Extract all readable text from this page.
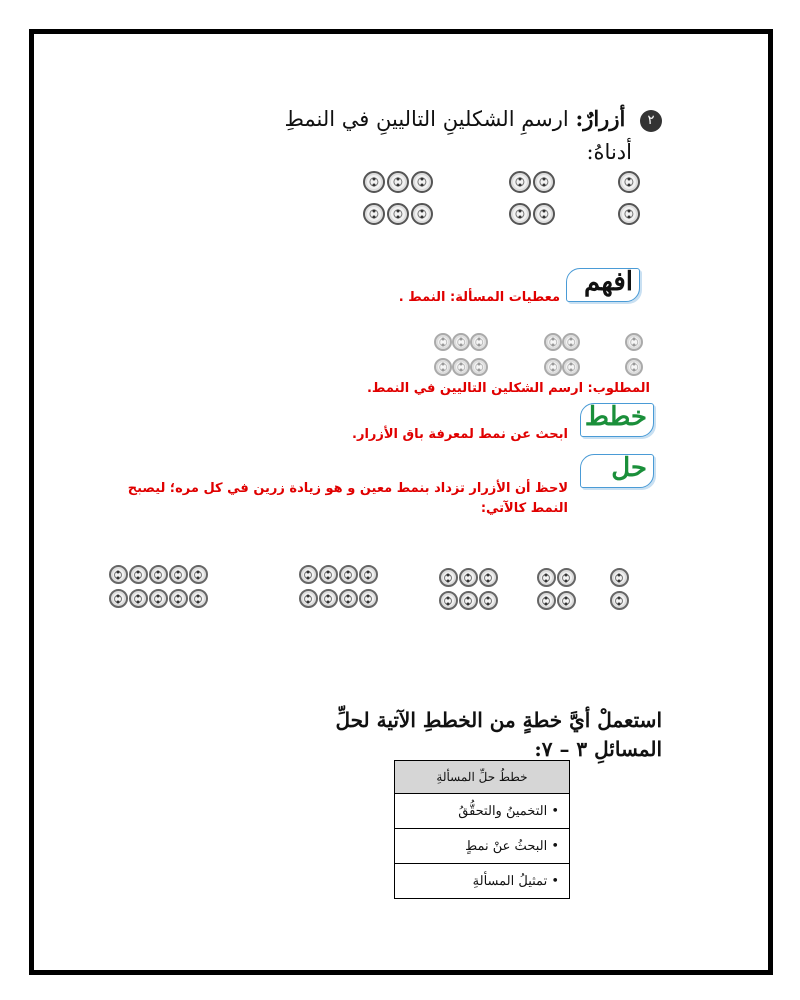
٢ أزرارٌ: ارسمِ الشكلينِ التاليينِ في النمطِ
أدناهُ:
افهم
معطيات المسألة: النمط .
المطلوب: ارسم الشكلين التاليين في النمط.
خطط
ابحث عن نمط لمعرفة باق الأزرار.
حل
لاحظ أن الأزرار تزداد بنمط معين و هو زيادة زرين في كل مره؛ ليصبح
النمط كالآتي:
استعملْ أيَّ خطةٍ من الخططِ الآتية لحلِّ
المسائلِ ٣ – ٧:
خططُ حلِّ المسألةِ
• التخمينُ والتحقُّقُ
• البحثُ عنْ نمطٍ
• تمثيلُ المسألةِ
